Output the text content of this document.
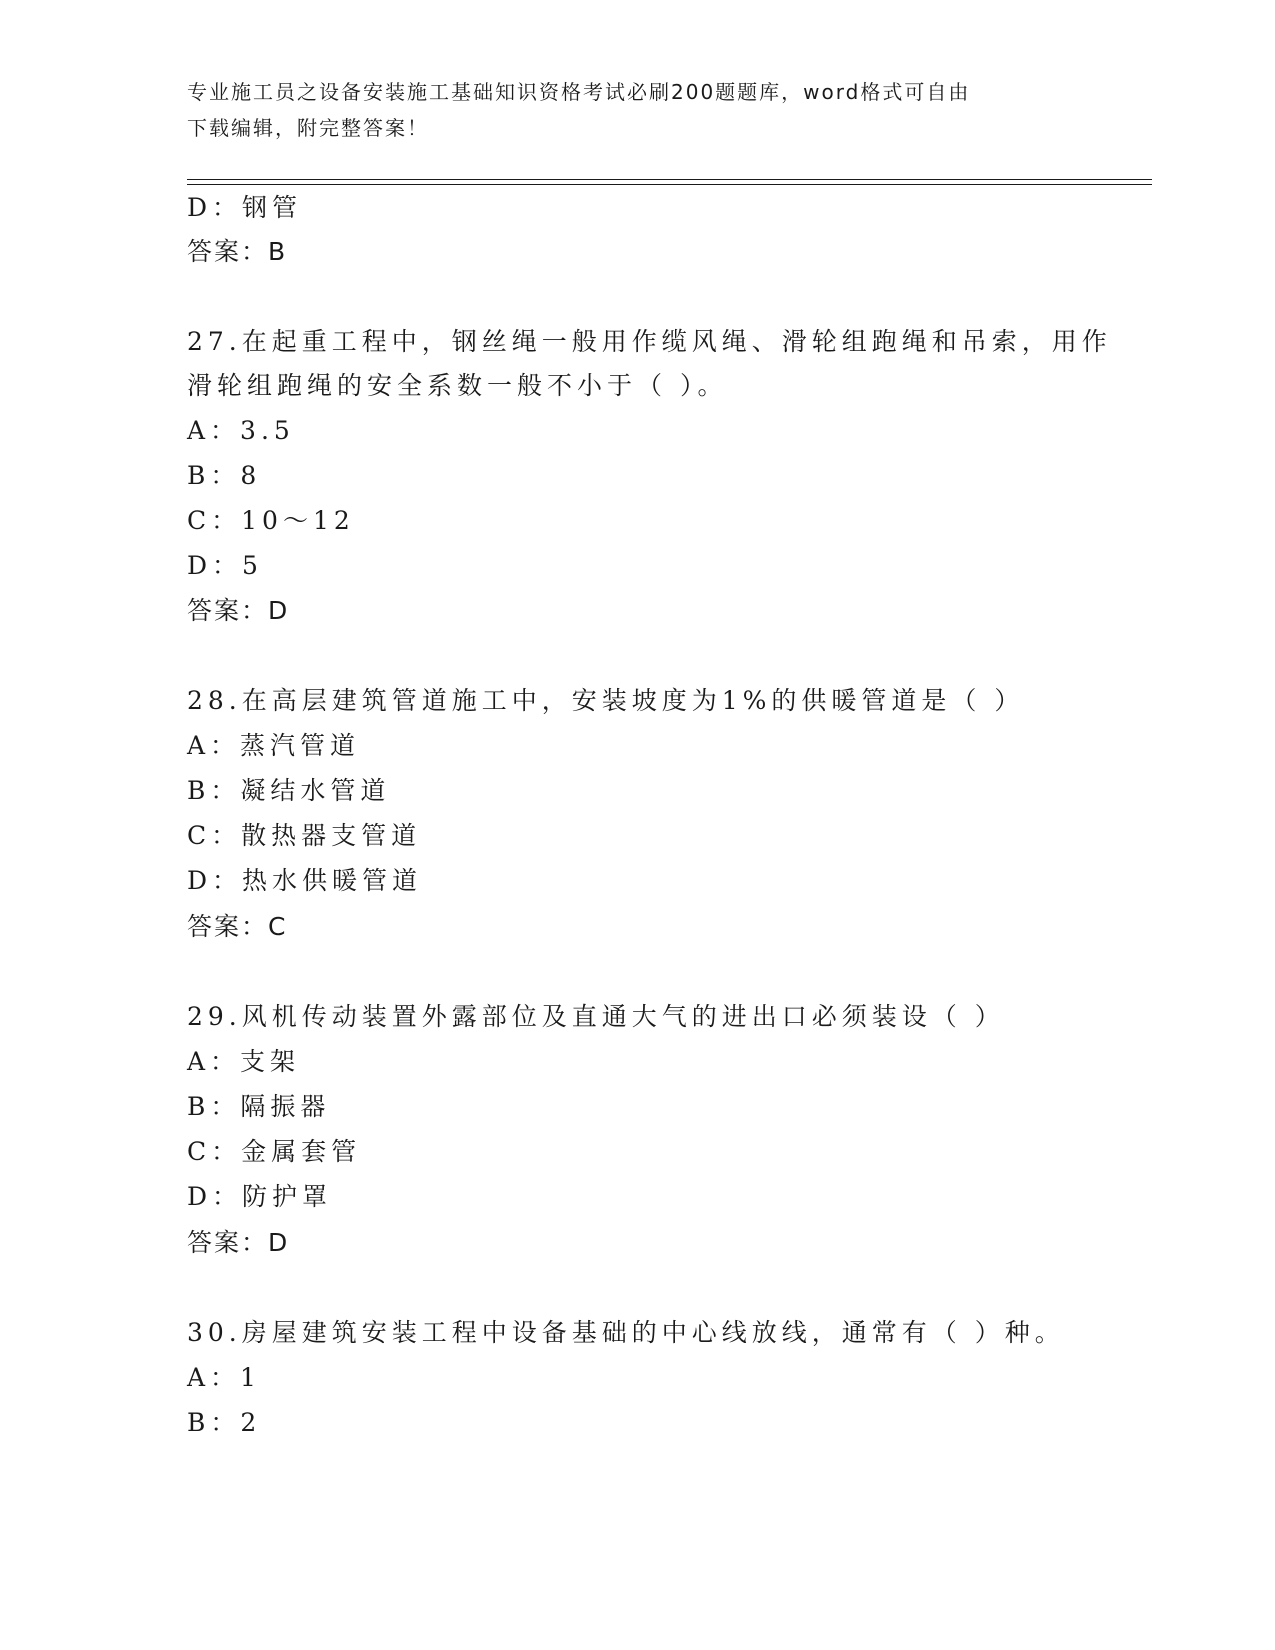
专业施工员之设备安装施工基础知识资格考试必刷200题题库，word格式可自由
下载编辑，附完整答案！
D：钢管
答案：B
27.在起重工程中，钢丝绳一般用作缆风绳、滑轮组跑绳和吊索，用作
滑轮组跑绳的安全系数一般不小于（ ）。
A：3.5
B：8
C：10～12
D：5
答案：D
28.在高层建筑管道施工中，安装坡度为1%的供暖管道是（ ）
A：蒸汽管道
B：凝结水管道
C：散热器支管道
D：热水供暖管道
答案：C
29.风机传动装置外露部位及直通大气的进出口必须装设（ ）
A：支架
B：隔振器
C：金属套管
D：防护罩
答案：D
30.房屋建筑安装工程中设备基础的中心线放线，通常有（ ）种。
A：1
B：2
